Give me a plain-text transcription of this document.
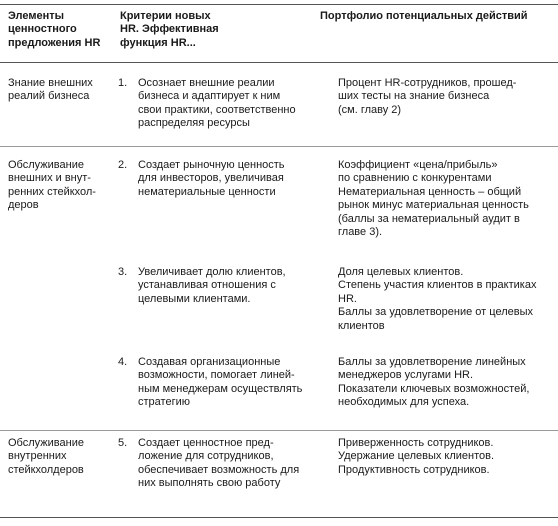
Элементы
ценностного
предложения HR
Критерии новых
HR. Эффективная
функция HR...
Портфолио потенциальных действий
Знание внешних
реалий бизнеса
1. Осознает внешние реалии
бизнеса и адаптирует к ним
свои практики, соответственно
распределяя ресурсы
Процент HR-сотрудников, прошед-
ших тесты на знание бизнеса
(см. главу 2)
Обслуживание
внешних и внут-
ренних стейкхол-
деров
2. Создает рыночную ценность
для инвесторов, увеличивая
нематериальные ценности
Коэффициент «цена/прибыль»
по сравнению с конкурентами
Нематериальная ценность – общий
рынок минус материальная ценность
(баллы за нематериальный аудит в
главе 3).
3. Увеличивает долю клиентов,
устанавливая отношения с
целевыми клиентами.
Доля целевых клиентов.
Степень участия клиентов в практиках
HR.
Баллы за удовлетворение от целевых
клиентов
4. Создавая организационные
возможности, помогает линей-
ным менеджерам осуществлять
стратегию
Баллы за удовлетворение линейных
менеджеров услугами HR.
Показатели ключевых возможностей,
необходимых для успеха.
Обслуживание
внутренних
стейкхолдеров
5. Создает ценностное пред-
ложение для сотрудников,
обеспечивает возможность для
них выполнять свою работу
Приверженность сотрудников.
Удержание целевых клиентов.
Продуктивность сотрудников.
